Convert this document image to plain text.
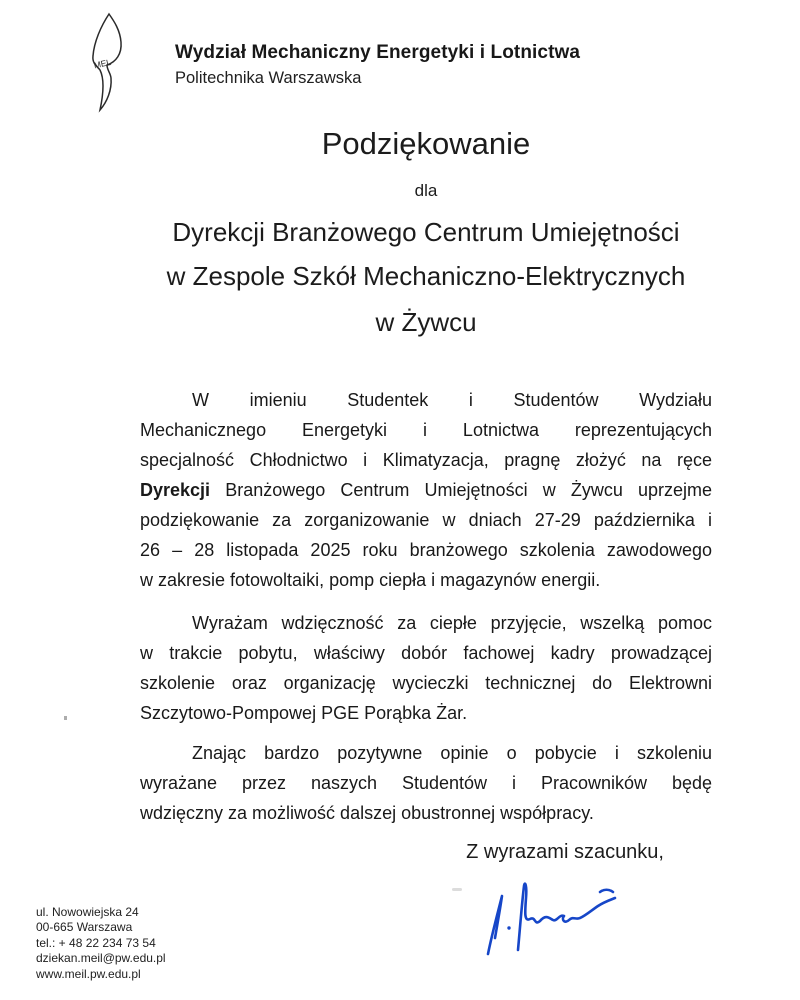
MEL
Wydział Mechaniczny Energetyki i Lotnictwa
Politechnika Warszawska
Podziękowanie
dla
Dyrekcji Branżowego Centrum Umiejętności
w Zespole Szkół Mechaniczno-Elektrycznych
w Żywcu
W imieniu Studentek i Studentów Wydziału
Mechanicznego Energetyki i Lotnictwa reprezentujących
specjalność Chłodnictwo i Klimatyzacja, pragnę złożyć na ręce
Dyrekcji Branżowego Centrum Umiejętności w Żywcu uprzejme
podziękowanie za zorganizowanie w dniach 27-29 października i
26 – 28 listopada 2025 roku branżowego szkolenia zawodowego
w zakresie fotowoltaiki, pomp ciepła i magazynów energii.
Wyrażam wdzięczność za ciepłe przyjęcie, wszelką pomoc
w trakcie pobytu, właściwy dobór fachowej kadry prowadzącej
szkolenie oraz organizację wycieczki technicznej do Elektrowni
Szczytowo-Pompowej PGE Porąbka Żar.
Znając bardzo pozytywne opinie o pobycie i szkoleniu
wyrażane przez naszych Studentów i Pracowników będę
wdzięczny za możliwość dalszej obustronnej współpracy.
Z wyrazami szacunku,
ul. Nowowiejska 24
00-665 Warszawa
tel.: + 48 22 234 73 54
dziekan.meil@pw.edu.pl
www.meil.pw.edu.pl
